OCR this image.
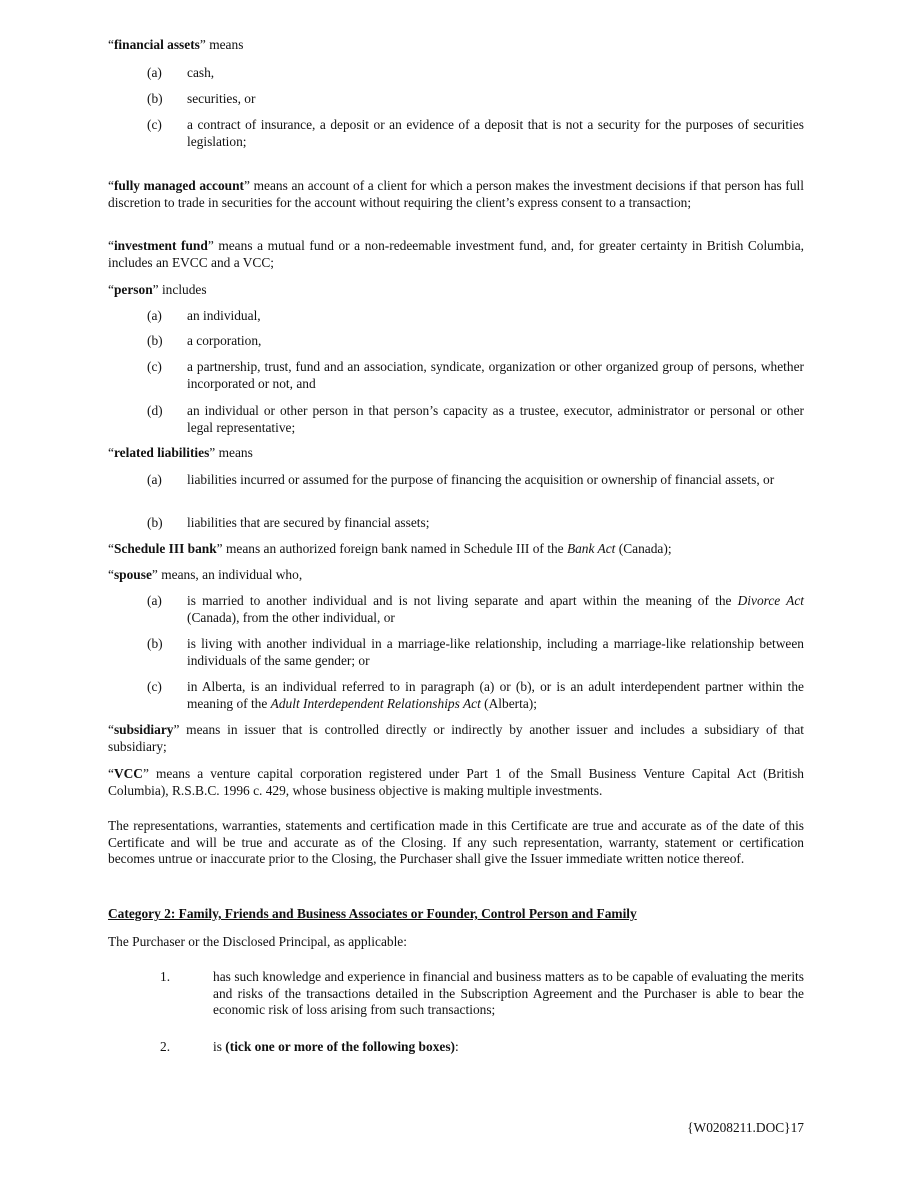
“financial assets” means

(a) cash,
(b) securities, or
(c) a contract of insurance, a deposit or an evidence of a deposit that is not a security for the purposes of securities legislation;

“fully managed account” means an account of a client for which a person makes the investment decisions if that person has full discretion to trade in securities for the account without requiring the client’s express consent to a transaction;

“investment fund” means a mutual fund or a non-redeemable investment fund, and, for greater certainty in British Columbia, includes an EVCC and a VCC;

“person” includes

(a) an individual,
(b) a corporation,
(c) a partnership, trust, fund and an association, syndicate, organization or other organized group of persons, whether incorporated or not, and
(d) an individual or other person in that person’s capacity as a trustee, executor, administrator or personal or other legal representative;

“related liabilities” means

(a) liabilities incurred or assumed for the purpose of financing the acquisition or ownership of financial assets, or
(b) liabilities that are secured by financial assets;

“Schedule III bank” means an authorized foreign bank named in Schedule III of the Bank Act (Canada);

“spouse” means, an individual who,

(a) is married to another individual and is not living separate and apart within the meaning of the Divorce Act (Canada), from the other individual, or
(b) is living with another individual in a marriage-like relationship, including a marriage-like relationship between individuals of the same gender; or
(c) in Alberta, is an individual referred to in paragraph (a) or (b), or is an adult interdependent partner within the meaning of the Adult Interdependent Relationships Act (Alberta);

“subsidiary” means in issuer that is controlled directly or indirectly by another issuer and includes a subsidiary of that subsidiary;

“VCC” means a venture capital corporation registered under Part 1 of the Small Business Venture Capital Act (British Columbia), R.S.B.C. 1996 c. 429, whose business objective is making multiple investments.

The representations, warranties, statements and certification made in this Certificate are true and accurate as of the date of this Certificate and will be true and accurate as of the Closing. If any such representation, warranty, statement or certification becomes untrue or inaccurate prior to the Closing, the Purchaser shall give the Issuer immediate written notice thereof.

Category 2: Family, Friends and Business Associates or Founder, Control Person and Family

The Purchaser or the Disclosed Principal, as applicable:

1.	has such knowledge and experience in financial and business matters as to be capable of evaluating the merits and risks of the transactions detailed in the Subscription Agreement and the Purchaser is able to bear the economic risk of loss arising from such transactions;
2.	is (tick one or more of the following boxes):
{W0208211.DOC}17
